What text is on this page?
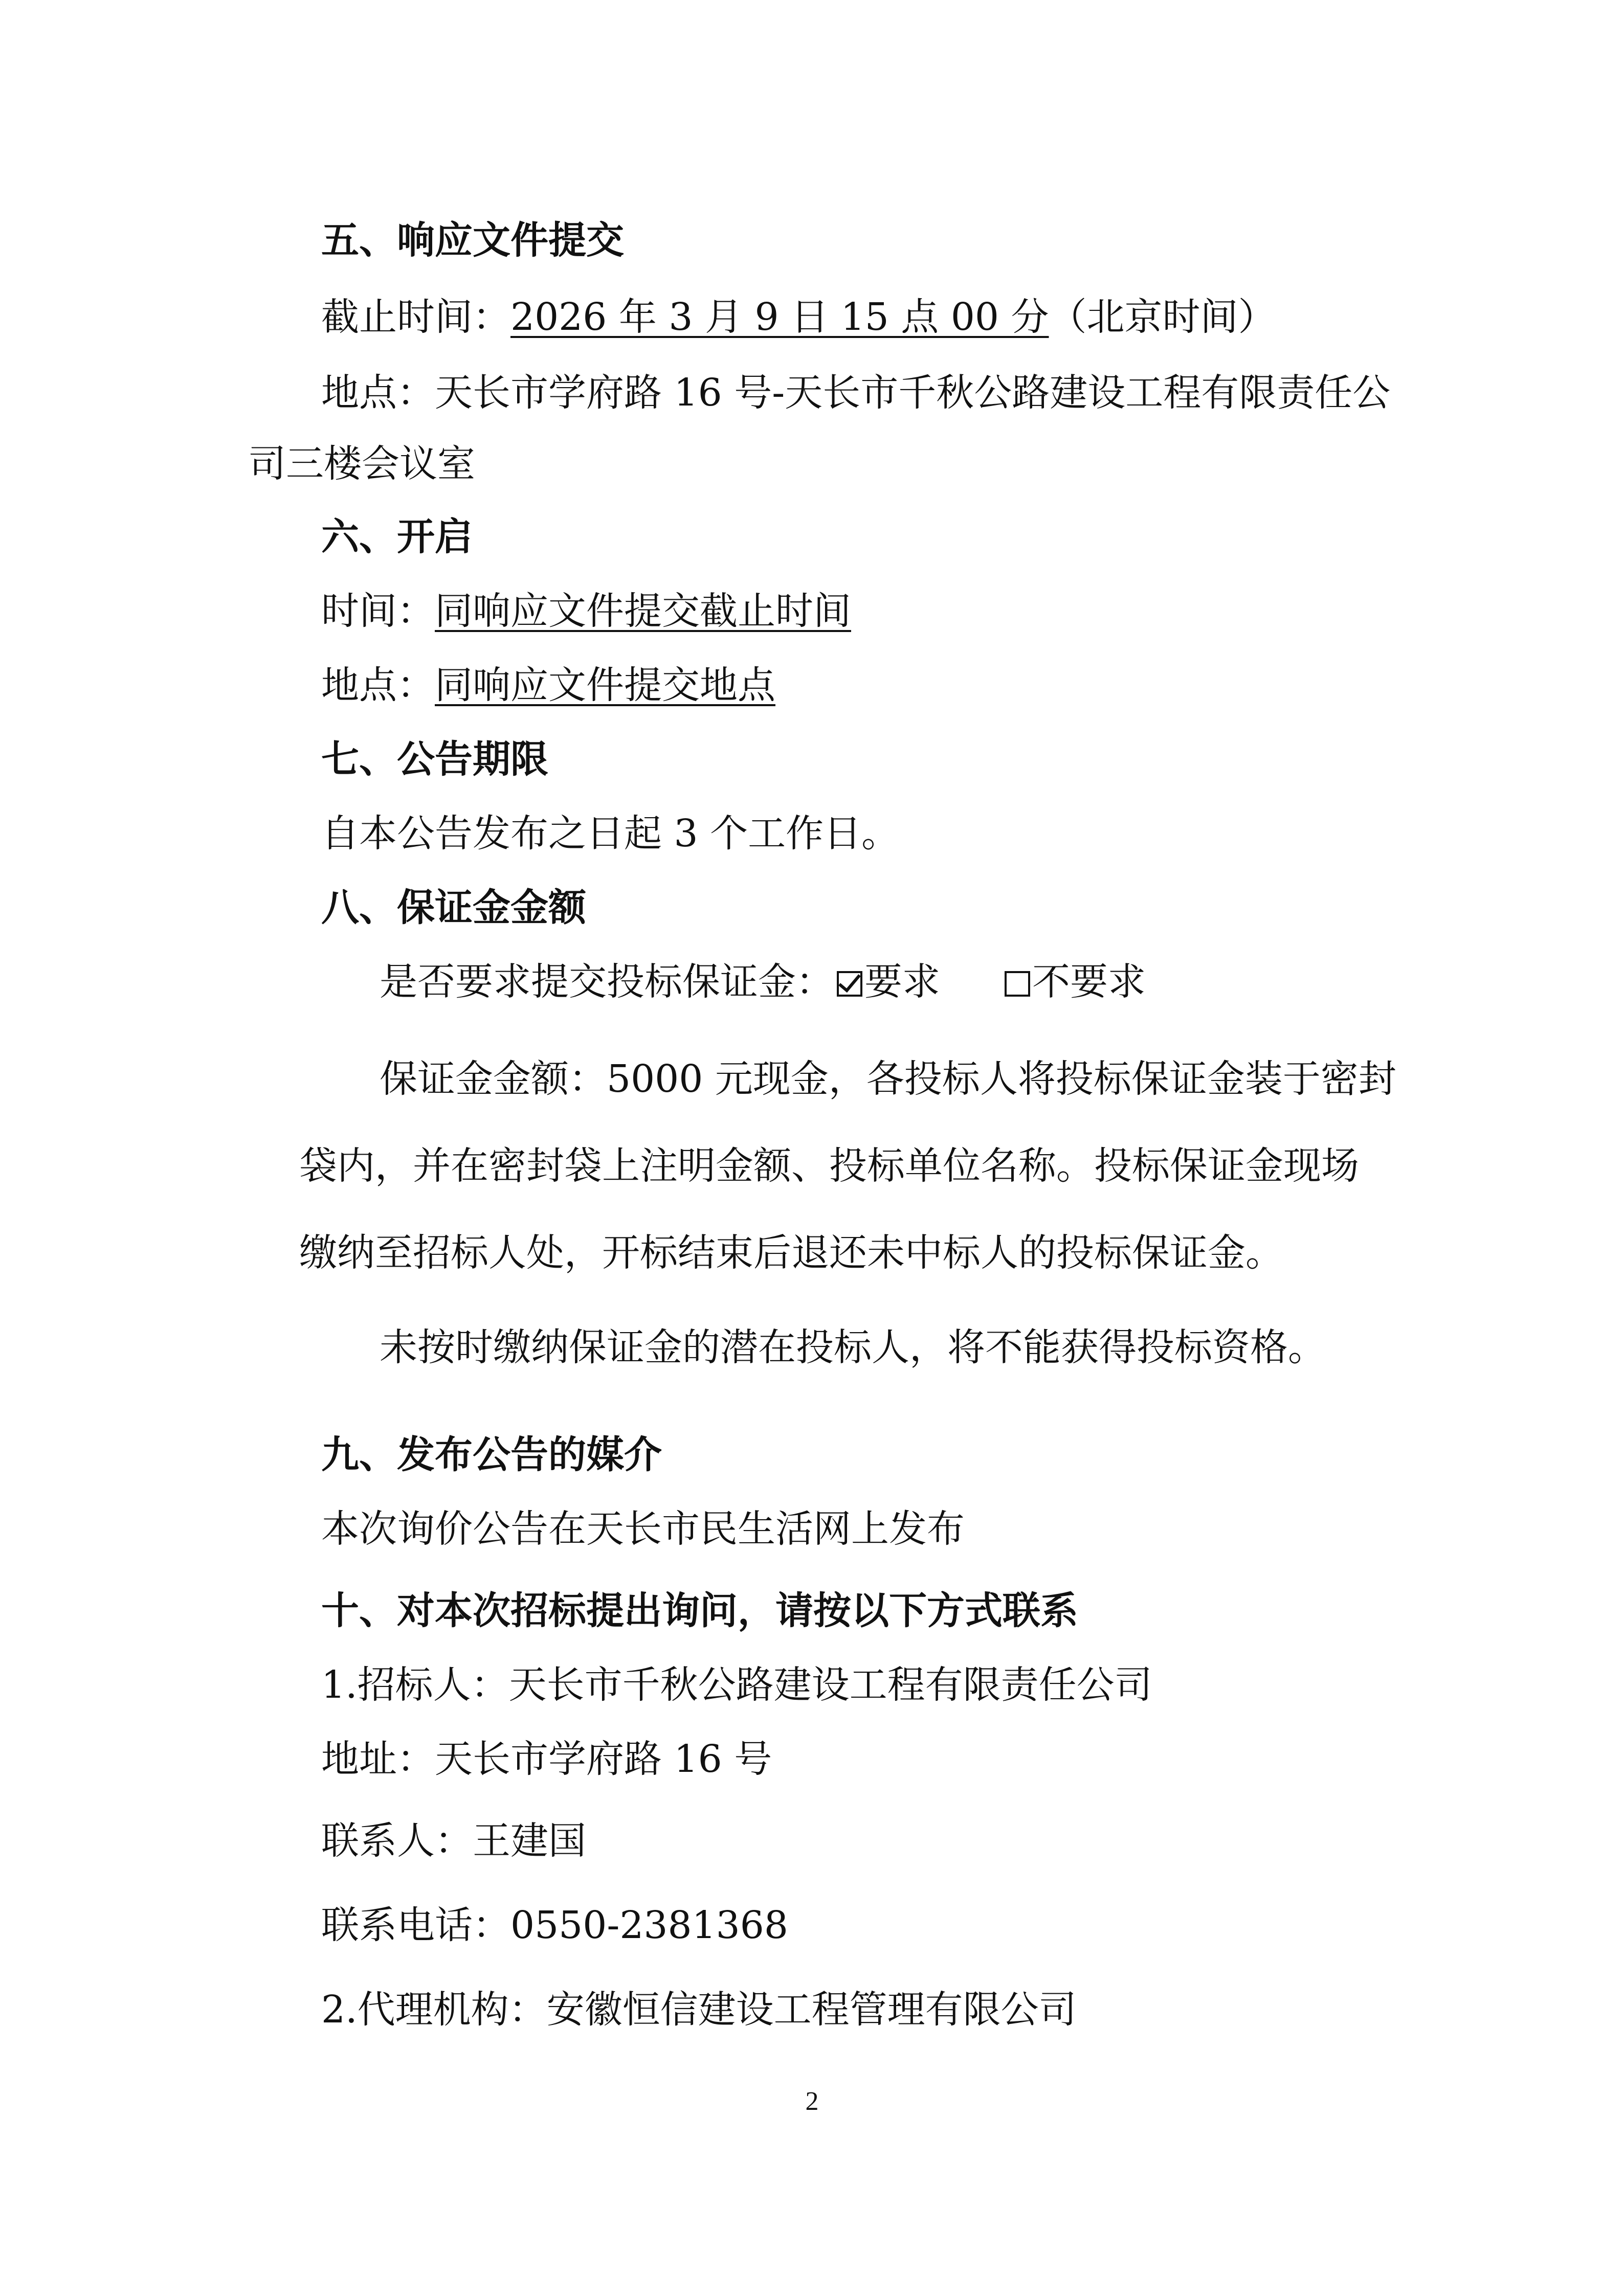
五、响应文件提交
截止时间：2026 年 3 月 9 日 15 点 00 分（北京时间）
地点：天长市学府路 16 号-天长市千秋公路建设工程有限责任公
司三楼会议室
六、开启
时间：同响应文件提交截止时间
地点：同响应文件提交地点
七、公告期限
自本公告发布之日起 3 个工作日。
八、保证金金额
是否要求提交投标保证金： 要求 不要求
保证金金额：5000 元现金，各投标人将投标保证金装于密封
袋内，并在密封袋上注明金额、投标单位名称。投标保证金现场
缴纳至招标人处，开标结束后退还未中标人的投标保证金。
未按时缴纳保证金的潜在投标人，将不能获得投标资格。
九、发布公告的媒介
本次询价公告在天长市民生活网上发布
十、对本次招标提出询问，请按以下方式联系
1.招标人：天长市千秋公路建设工程有限责任公司
地址：天长市学府路 16 号
联系人：王建国
联系电话：0550-2381368
2.代理机构：安徽恒信建设工程管理有限公司
2
